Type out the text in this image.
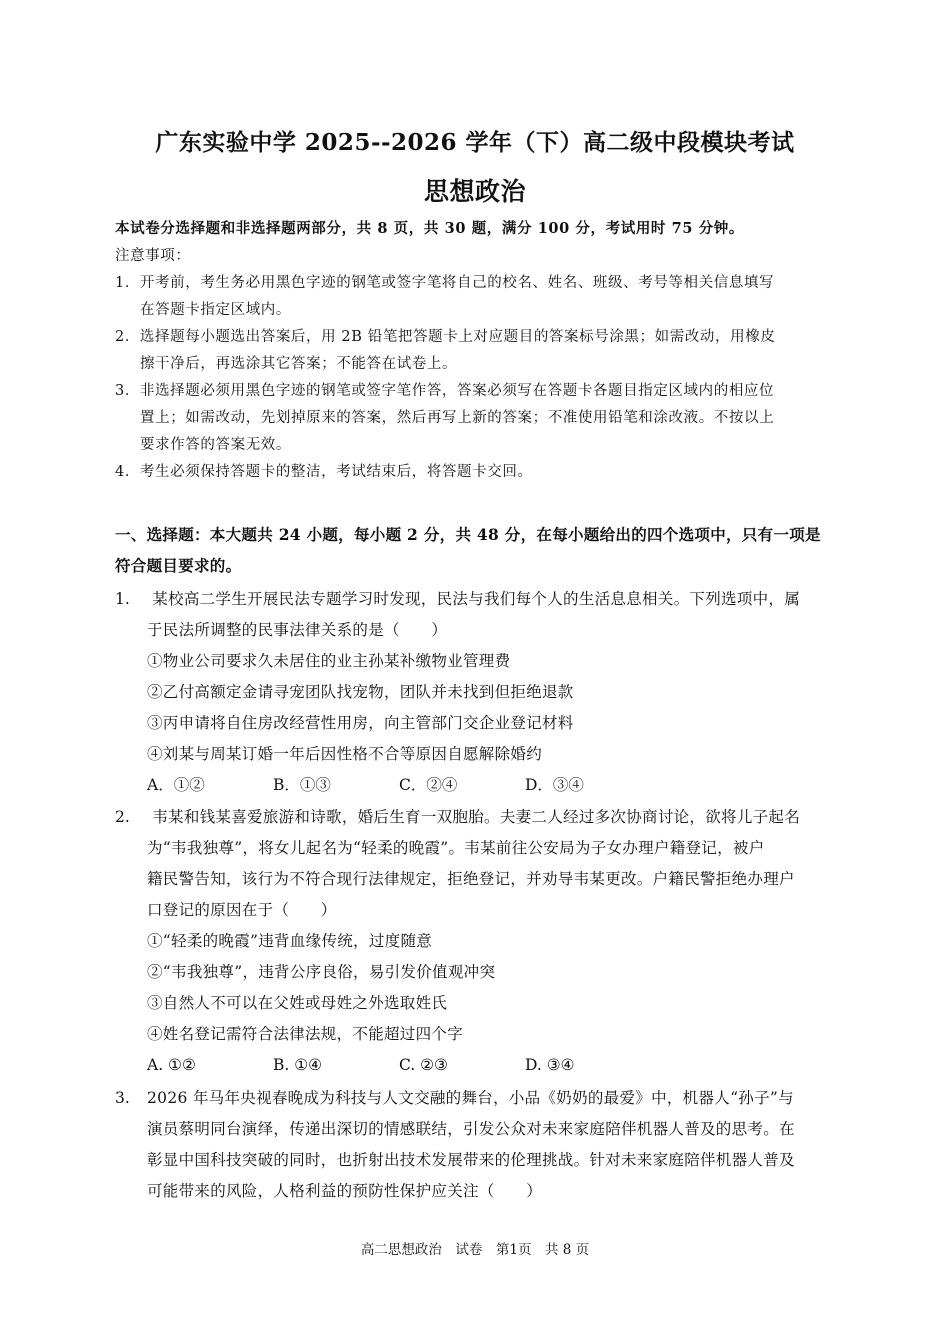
广东实验中学 2025--2026 学年（下）高二级中段模块考试
思想政治
本试卷分选择题和非选择题两部分，共 8 页，共 30 题，满分 100 分，考试用时 75 分钟。
注意事项：
1．开考前，考生务必用黑色字迹的钢笔或签字笔将自己的校名、姓名、班级、考号等相关信息填写
在答题卡指定区域内。
2．选择题每小题选出答案后，用 2B 铅笔把答题卡上对应题目的答案标号涂黑；如需改动，用橡皮
擦干净后，再选涂其它答案；不能答在试卷上。
3．非选择题必须用黑色字迹的钢笔或签字笔作答，答案必须写在答题卡各题目指定区域内的相应位
置上；如需改动，先划掉原来的答案，然后再写上新的答案；不准使用铅笔和涂改液。不按以上
要求作答的答案无效。
4．考生必须保持答题卡的整洁，考试结束后，将答题卡交回。
一、选择题：本大题共 24 小题，每小题 2 分，共 48 分，在每小题给出的四个选项中，只有一项是
符合题目要求的。
1. 某校高二学生开展民法专题学习时发现，民法与我们每个人的生活息息相关。下列选项中，属
于民法所调整的民事法律关系的是（　　）
①物业公司要求久未居住的业主孙某补缴物业管理费
②乙付高额定金请寻宠团队找宠物，团队并未找到但拒绝退款
③丙申请将自住房改经营性用房，向主管部门交企业登记材料
④刘某与周某订婚一年后因性格不合等原因自愿解除婚约
A．①②	B．①③	C．②④	D．③④
2. 韦某和钱某喜爱旅游和诗歌，婚后生育一双胞胎。夫妻二人经过多次协商讨论，欲将儿子起名
为“韦我独尊”，将女儿起名为“轻柔的晚霞”。韦某前往公安局为子女办理户籍登记，被户
籍民警告知，该行为不符合现行法律规定，拒绝登记，并劝导韦某更改。户籍民警拒绝办理户
口登记的原因在于（　　）
①“轻柔的晚霞”违背血缘传统，过度随意
②“韦我独尊”，违背公序良俗，易引发价值观冲突
③自然人不可以在父姓或母姓之外选取姓氏
④姓名登记需符合法律法规，不能超过四个字
A. ①②	B. ①④	C. ②③	D. ③④
3. 2026 年马年央视春晚成为科技与人文交融的舞台，小品《奶奶的最爱》中，机器人“孙子”与
演员蔡明同台演绎，传递出深切的情感联结，引发公众对未来家庭陪伴机器人普及的思考。在
彰显中国科技突破的同时，也折射出技术发展带来的伦理挑战。针对未来家庭陪伴机器人普及
可能带来的风险，人格利益的预防性保护应关注（　　）
高二思想政治　试卷　第1页　共 8 页
